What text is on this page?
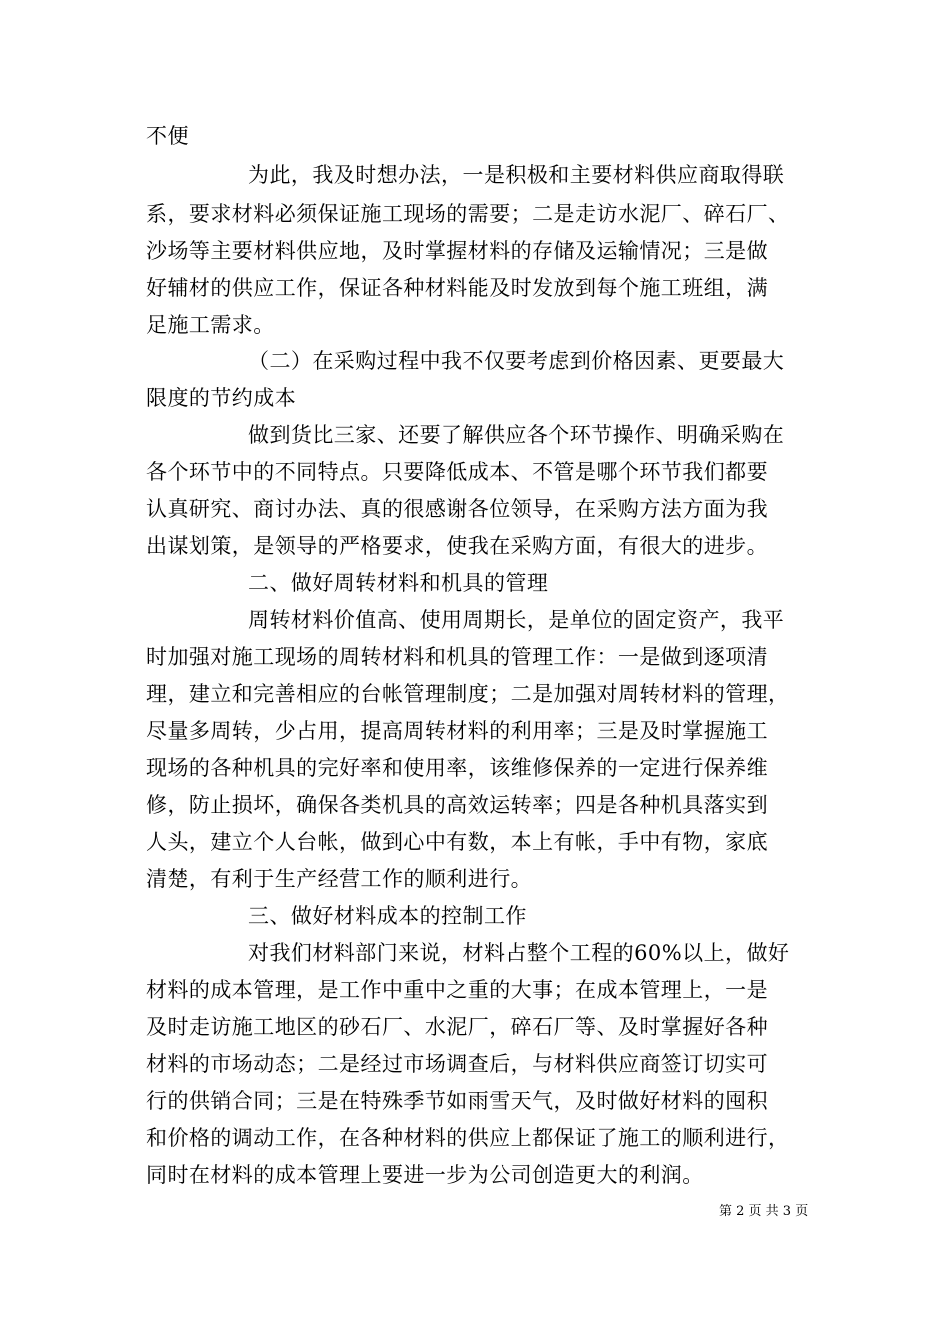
不便
为此，我及时想办法，一是积极和主要材料供应商取得联
系，要求材料必须保证施工现场的需要；二是走访水泥厂、碎石厂、
沙场等主要材料供应地，及时掌握材料的存储及运输情况；三是做
好辅材的供应工作，保证各种材料能及时发放到每个施工班组，满
足施工需求。
（二）在采购过程中我不仅要考虑到价格因素、更要最大
限度的节约成本
做到货比三家、还要了解供应各个环节操作、明确采购在
各个环节中的不同特点。只要降低成本、不管是哪个环节我们都要
认真研究、商讨办法、真的很感谢各位领导，在采购方法方面为我
出谋划策，是领导的严格要求，使我在采购方面，有很大的进步。
二、做好周转材料和机具的管理
周转材料价值高、使用周期长，是单位的固定资产，我平
时加强对施工现场的周转材料和机具的管理工作：一是做到逐项清
理，建立和完善相应的台帐管理制度；二是加强对周转材料的管理，
尽量多周转，少占用，提高周转材料的利用率；三是及时掌握施工
现场的各种机具的完好率和使用率，该维修保养的一定进行保养维
修，防止损坏，确保各类机具的高效运转率；四是各种机具落实到
人头，建立个人台帐，做到心中有数，本上有帐，手中有物，家底
清楚，有利于生产经营工作的顺利进行。
三、做好材料成本的控制工作
对我们材料部门来说，材料占整个工程的60%以上，做好
材料的成本管理，是工作中重中之重的大事；在成本管理上，一是
及时走访施工地区的砂石厂、水泥厂，碎石厂等、及时掌握好各种
材料的市场动态；二是经过市场调查后，与材料供应商签订切实可
行的供销合同；三是在特殊季节如雨雪天气，及时做好材料的囤积
和价格的调动工作，在各种材料的供应上都保证了施工的顺利进行，
同时在材料的成本管理上要进一步为公司创造更大的利润。
第 2 页 共 3 页
